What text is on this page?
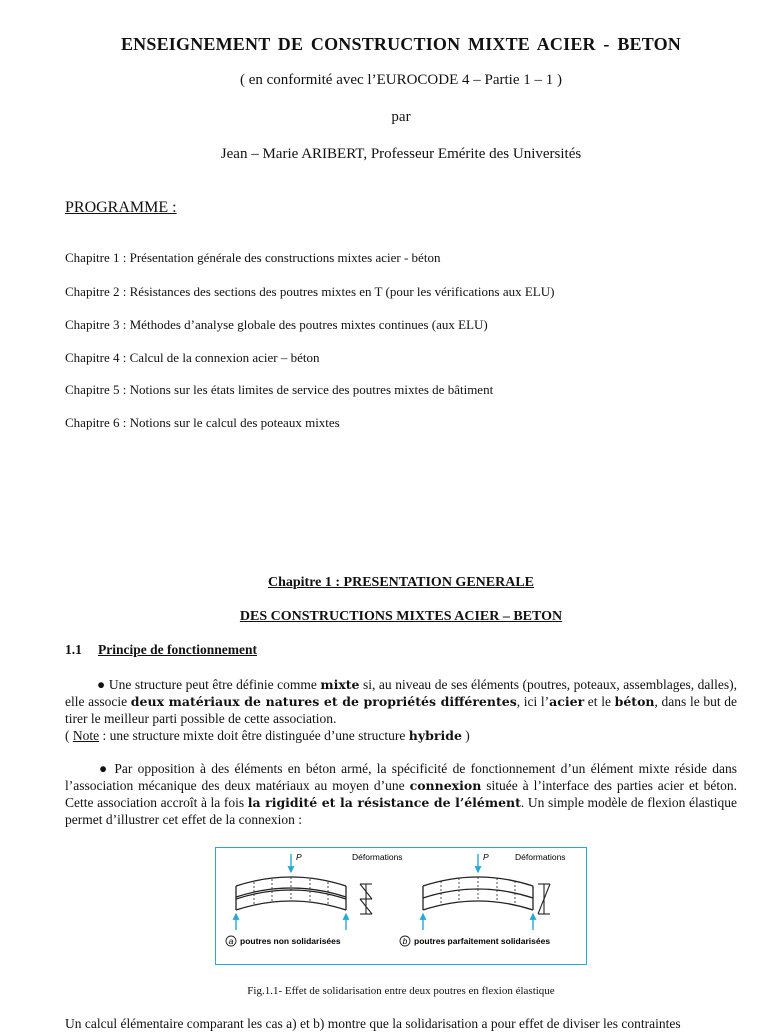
ENSEIGNEMENT DE CONSTRUCTION MIXTE ACIER - BETON
( en conformité avec l’EUROCODE 4 – Partie 1 – 1 )
par
Jean – Marie ARIBERT, Professeur Emérite des Universités
PROGRAMME :
Chapitre 1 : Présentation générale des constructions mixtes acier - béton
Chapitre 2 : Résistances des sections des poutres mixtes en T (pour les vérifications aux ELU)
Chapitre 3 : Méthodes d’analyse globale des poutres mixtes continues (aux ELU)
Chapitre 4 : Calcul de la connexion acier – béton
Chapitre 5 : Notions sur les états limites de service des poutres mixtes de bâtiment
Chapitre 6 : Notions sur le calcul des poteaux mixtes
Chapitre 1 : PRESENTATION GENERALE
DES CONSTRUCTIONS MIXTES ACIER – BETON
1.1 Principe de fonctionnement
● Une structure peut être définie comme mixte si, au niveau de ses éléments (poutres, poteaux, assemblages, dalles), elle associe deux matériaux de natures et de propriétés différentes, ici l’acier et le béton, dans le but de tirer le meilleur parti possible de cette association.
( Note : une structure mixte doit être distinguée d’une structure hybride )
● Par opposition à des éléments en béton armé, la spécificité de fonctionnement d’un élément mixte réside dans l’association mécanique des deux matériaux au moyen d’une connexion située à l’interface des parties acier et béton. Cette association accroît à la fois la rigidité et la résistance de l’élément. Un simple modèle de flexion élastique permet d’illustrer cet effet de la connexion :
P	Déformations
a poutres non solidarisées
P	Déformations
b poutres parfaitement solidarisées
Fig.1.1- Effet de solidarisation entre deux poutres en flexion élastique
Un calcul élémentaire comparant les cas a) et b) montre que la solidarisation a pour effet de diviser les contraintes
